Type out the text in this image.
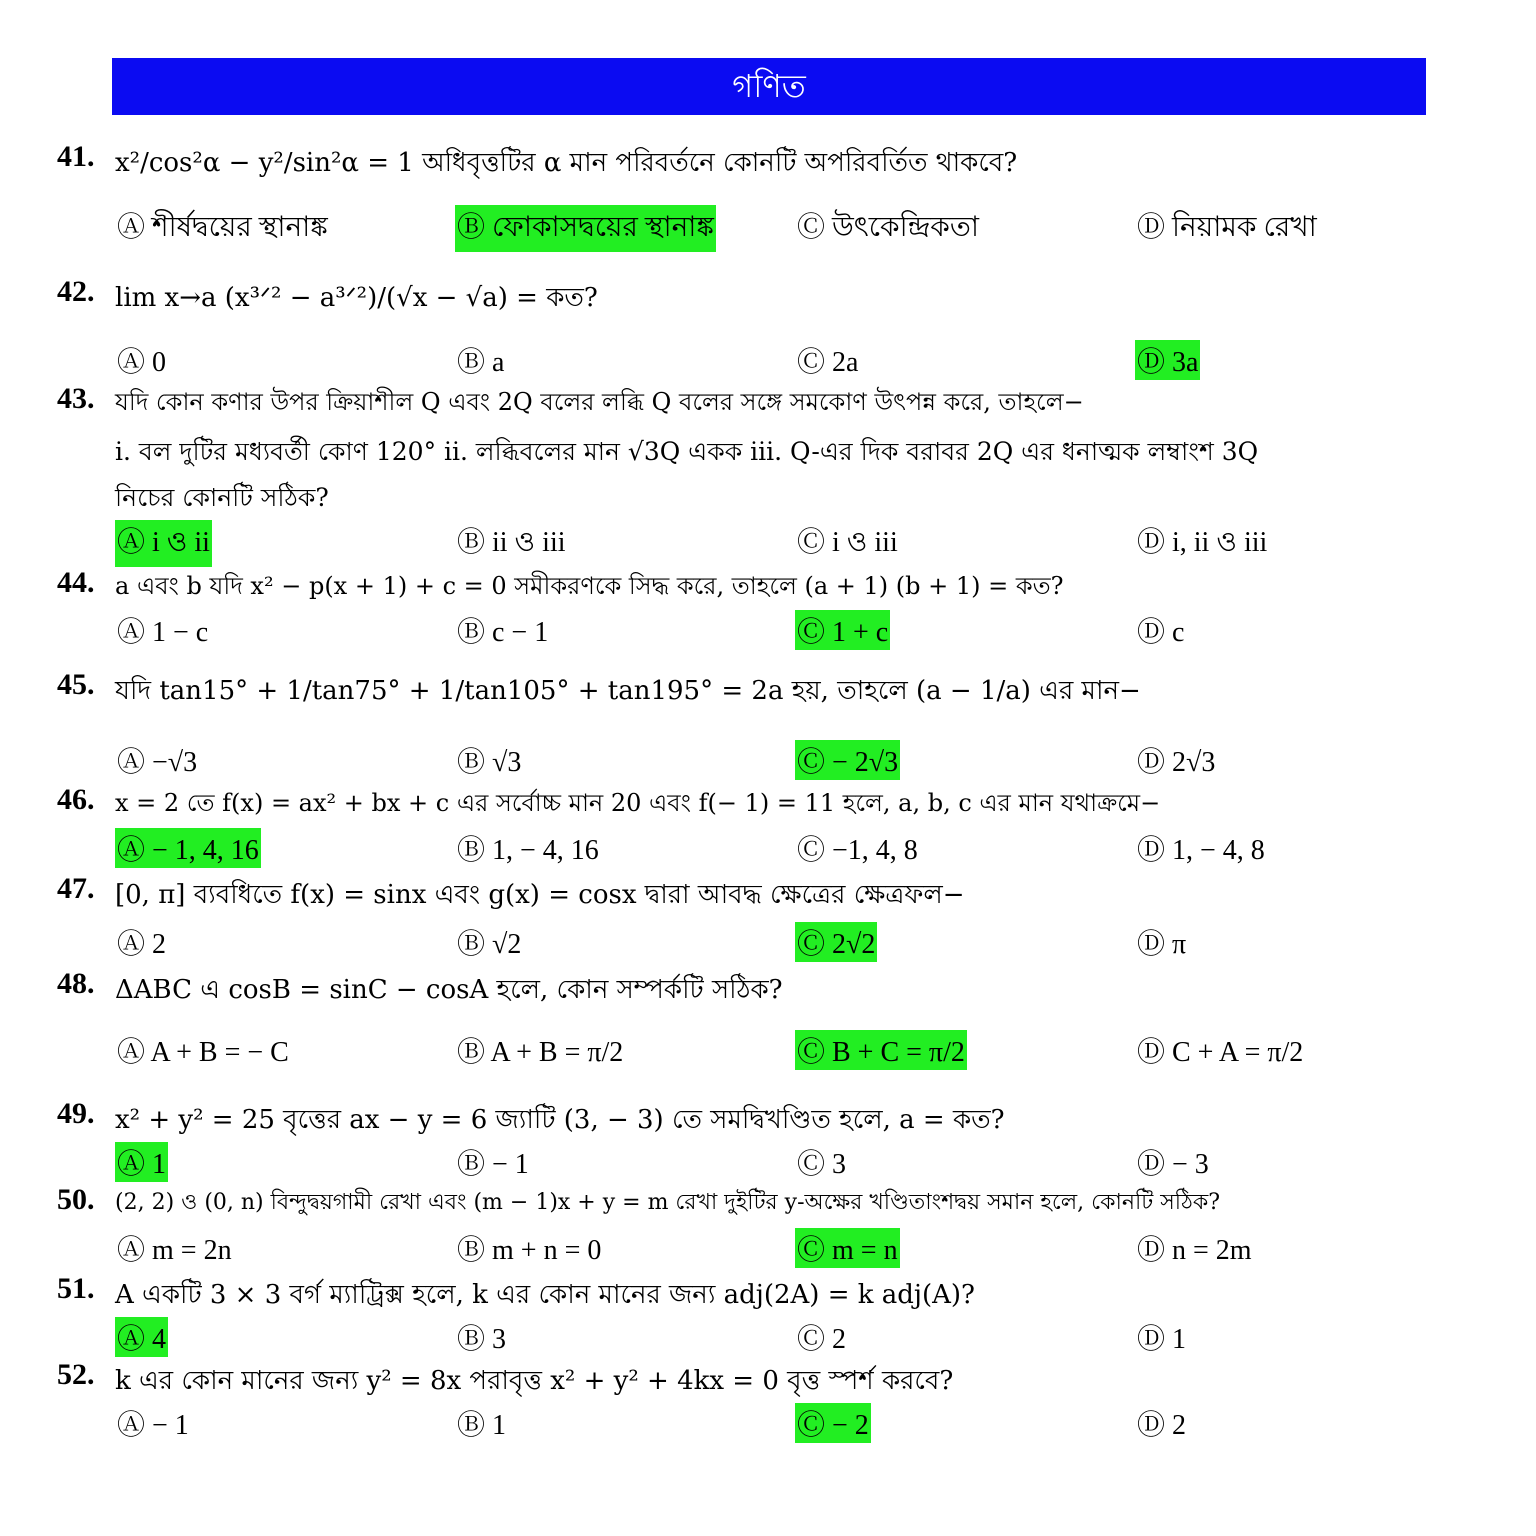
গণিত
41. x²/cos²α − y²/sin²α = 1 অধিবৃত্তটির α মান পরিবর্তনে কোনটি অপরিবর্তিত থাকবে?
Ⓐ শীর্ষদ্বয়ের স্থানাঙ্ক	Ⓑ ফোকাসদ্বয়ের স্থানাঙ্ক	Ⓒ উৎকেন্দ্রিকতা	Ⓓ নিয়ামক রেখা
42. lim x→a (x³ᐟ² − a³ᐟ²)/(√x − √a) = কত?
Ⓐ 0	Ⓑ a	Ⓒ 2a	Ⓓ 3a
43. যদি কোন কণার উপর ক্রিয়াশীল Q এবং 2Q বলের লব্ধি Q বলের সঙ্গে সমকোণ উৎপন্ন করে, তাহলে−
i. বল দুটির মধ্যবর্তী কোণ 120° ii. লব্ধিবলের মান √3Q একক iii. Q-এর দিক বরাবর 2Q এর ধনাত্মক লম্বাংশ 3Q
নিচের কোনটি সঠিক?
Ⓐ i ও ii	Ⓑ ii ও iii	Ⓒ i ও iii	Ⓓ i, ii ও iii
44. a এবং b যদি x² − p(x + 1) + c = 0 সমীকরণকে সিদ্ধ করে, তাহলে (a + 1) (b + 1) = কত?
Ⓐ 1 − c	Ⓑ c − 1	Ⓒ 1 + c	Ⓓ c
45. যদি tan15° + 1/tan75° + 1/tan105° + tan195° = 2a হয়, তাহলে (a − 1/a) এর মান−
Ⓐ −√3	Ⓑ √3	Ⓒ − 2√3	Ⓓ 2√3
46. x = 2 তে f(x) = ax² + bx + c এর সর্বোচ্চ মান 20 এবং f(− 1) = 11 হলে, a, b, c এর মান যথাক্রমে−
Ⓐ − 1, 4, 16	Ⓑ 1, − 4, 16	Ⓒ −1, 4, 8	Ⓓ 1, − 4, 8
47. [0, π] ব্যবধিতে f(x) = sinx এবং g(x) = cosx দ্বারা আবদ্ধ ক্ষেত্রের ক্ষেত্রফল−
Ⓐ 2	Ⓑ √2	Ⓒ 2√2	Ⓓ π
48. ΔABC এ cosB = sinC − cosA হলে, কোন সম্পর্কটি সঠিক?
Ⓐ A + B = − C	Ⓑ A + B = π/2	Ⓒ B + C = π/2	Ⓓ C + A = π/2
49. x² + y² = 25 বৃত্তের ax − y = 6 জ্যাটি (3, − 3) তে সমদ্বিখণ্ডিত হলে, a = কত?
Ⓐ 1	Ⓑ − 1	Ⓒ 3	Ⓓ − 3
50. (2, 2) ও (0, n) বিন্দুদ্বয়গামী রেখা এবং (m − 1)x + y = m রেখা দুইটির y-অক্ষের খণ্ডিতাংশদ্বয় সমান হলে, কোনটি সঠিক?
Ⓐ m = 2n	Ⓑ m + n = 0	Ⓒ m = n	Ⓓ n = 2m
51. A একটি 3 × 3 বর্গ ম্যাট্রিক্স হলে, k এর কোন মানের জন্য adj(2A) = k adj(A)?
Ⓐ 4	Ⓑ 3	Ⓒ 2	Ⓓ 1
52. k এর কোন মানের জন্য y² = 8x পরাবৃত্ত x² + y² + 4kx = 0 বৃত্ত স্পর্শ করবে?
Ⓐ − 1	Ⓑ 1	Ⓒ − 2	Ⓓ 2
